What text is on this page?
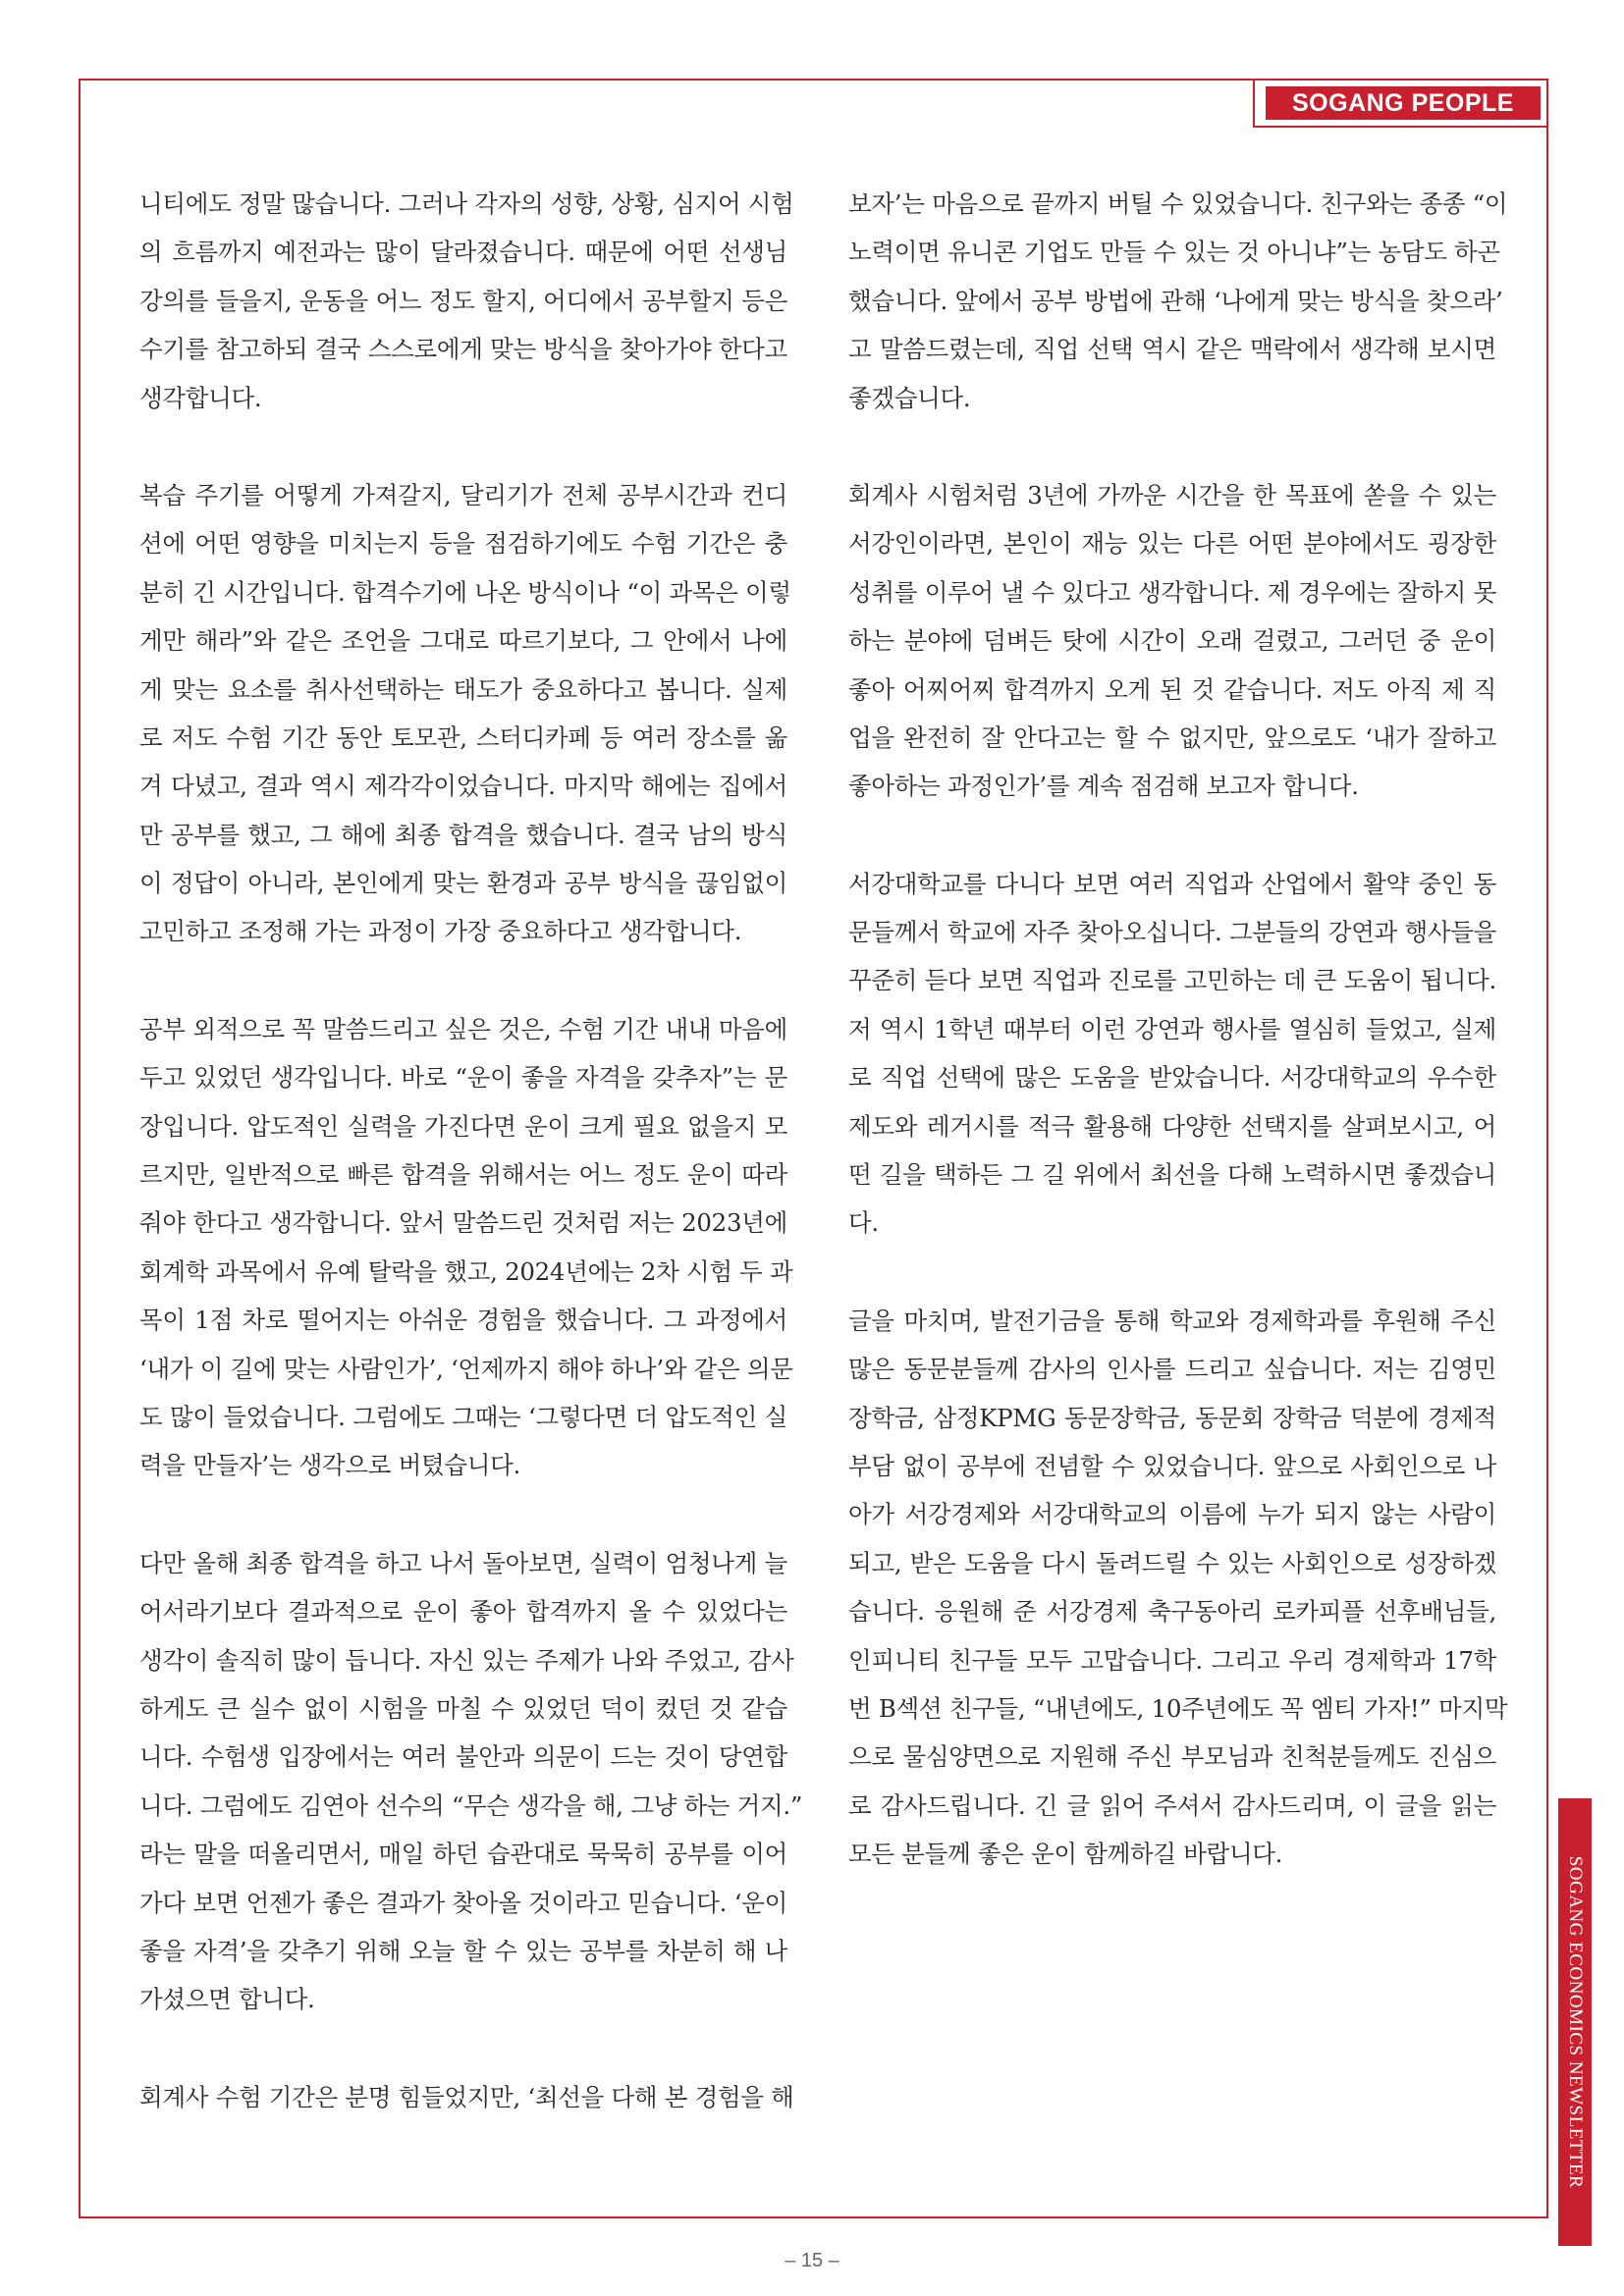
SOGANG PEOPLE
니티에도 정말 많습니다. 그러나 각자의 성향, 상황, 심지어 시험
의 흐름까지 예전과는 많이 달라졌습니다. 때문에 어떤 선생님
강의를 들을지, 운동을 어느 정도 할지, 어디에서 공부할지 등은
수기를 참고하되 결국 스스로에게 맞는 방식을 찾아가야 한다고
생각합니다.
복습 주기를 어떻게 가져갈지, 달리기가 전체 공부시간과 컨디
션에 어떤 영향을 미치는지 등을 점검하기에도 수험 기간은 충
분히 긴 시간입니다. 합격수기에 나온 방식이나 “이 과목은 이렇
게만 해라”와 같은 조언을 그대로 따르기보다, 그 안에서 나에
게 맞는 요소를 취사선택하는 태도가 중요하다고 봅니다. 실제
로 저도 수험 기간 동안 토모관, 스터디카페 등 여러 장소를 옮
겨 다녔고, 결과 역시 제각각이었습니다. 마지막 해에는 집에서
만 공부를 했고, 그 해에 최종 합격을 했습니다. 결국 남의 방식
이 정답이 아니라, 본인에게 맞는 환경과 공부 방식을 끊임없이
고민하고 조정해 가는 과정이 가장 중요하다고 생각합니다.
공부 외적으로 꼭 말씀드리고 싶은 것은, 수험 기간 내내 마음에
두고 있었던 생각입니다. 바로 “운이 좋을 자격을 갖추자”는 문
장입니다. 압도적인 실력을 가진다면 운이 크게 필요 없을지 모
르지만, 일반적으로 빠른 합격을 위해서는 어느 정도 운이 따라
줘야 한다고 생각합니다. 앞서 말씀드린 것처럼 저는 2023년에
회계학 과목에서 유예 탈락을 했고, 2024년에는 2차 시험 두 과
목이 1점 차로 떨어지는 아쉬운 경험을 했습니다. 그 과정에서
‘내가 이 길에 맞는 사람인가’, ‘언제까지 해야 하나’와 같은 의문
도 많이 들었습니다. 그럼에도 그때는 ‘그렇다면 더 압도적인 실
력을 만들자’는 생각으로 버텼습니다.
다만 올해 최종 합격을 하고 나서 돌아보면, 실력이 엄청나게 늘
어서라기보다 결과적으로 운이 좋아 합격까지 올 수 있었다는
생각이 솔직히 많이 듭니다. 자신 있는 주제가 나와 주었고, 감사
하게도 큰 실수 없이 시험을 마칠 수 있었던 덕이 컸던 것 같습
니다. 수험생 입장에서는 여러 불안과 의문이 드는 것이 당연합
니다. 그럼에도 김연아 선수의 “무슨 생각을 해, 그냥 하는 거지.”
라는 말을 떠올리면서, 매일 하던 습관대로 묵묵히 공부를 이어
가다 보면 언젠가 좋은 결과가 찾아올 것이라고 믿습니다. ‘운이
좋을 자격’을 갖추기 위해 오늘 할 수 있는 공부를 차분히 해 나
가셨으면 합니다.
회계사 수험 기간은 분명 힘들었지만, ‘최선을 다해 본 경험을 해
보자’는 마음으로 끝까지 버틸 수 있었습니다. 친구와는 종종 “이
노력이면 유니콘 기업도 만들 수 있는 것 아니냐”는 농담도 하곤
했습니다. 앞에서 공부 방법에 관해 ‘나에게 맞는 방식을 찾으라’
고 말씀드렸는데, 직업 선택 역시 같은 맥락에서 생각해 보시면
좋겠습니다.
회계사 시험처럼 3년에 가까운 시간을 한 목표에 쏟을 수 있는
서강인이라면, 본인이 재능 있는 다른 어떤 분야에서도 굉장한
성취를 이루어 낼 수 있다고 생각합니다. 제 경우에는 잘하지 못
하는 분야에 덤벼든 탓에 시간이 오래 걸렸고, 그러던 중 운이
좋아 어찌어찌 합격까지 오게 된 것 같습니다. 저도 아직 제 직
업을 완전히 잘 안다고는 할 수 없지만, 앞으로도 ‘내가 잘하고
좋아하는 과정인가’를 계속 점검해 보고자 합니다.
서강대학교를 다니다 보면 여러 직업과 산업에서 활약 중인 동
문들께서 학교에 자주 찾아오십니다. 그분들의 강연과 행사들을
꾸준히 듣다 보면 직업과 진로를 고민하는 데 큰 도움이 됩니다.
저 역시 1학년 때부터 이런 강연과 행사를 열심히 들었고, 실제
로 직업 선택에 많은 도움을 받았습니다. 서강대학교의 우수한
제도와 레거시를 적극 활용해 다양한 선택지를 살펴보시고, 어
떤 길을 택하든 그 길 위에서 최선을 다해 노력하시면 좋겠습니
다.
글을 마치며, 발전기금을 통해 학교와 경제학과를 후원해 주신
많은 동문분들께 감사의 인사를 드리고 싶습니다. 저는 김영민
장학금, 삼정KPMG 동문장학금, 동문회 장학금 덕분에 경제적
부담 없이 공부에 전념할 수 있었습니다. 앞으로 사회인으로 나
아가 서강경제와 서강대학교의 이름에 누가 되지 않는 사람이
되고, 받은 도움을 다시 돌려드릴 수 있는 사회인으로 성장하겠
습니다. 응원해 준 서강경제 축구동아리 로카피플 선후배님들,
인피니티 친구들 모두 고맙습니다. 그리고 우리 경제학과 17학
번 B섹션 친구들, “내년에도, 10주년에도 꼭 엠티 가자!” 마지막
으로 물심양면으로 지원해 주신 부모님과 친척분들께도 진심으
로 감사드립니다. 긴 글 읽어 주셔서 감사드리며, 이 글을 읽는
모든 분들께 좋은 운이 함께하길 바랍니다.
SOGANG ECONOMICS NEWSLETTER
– 15 –
